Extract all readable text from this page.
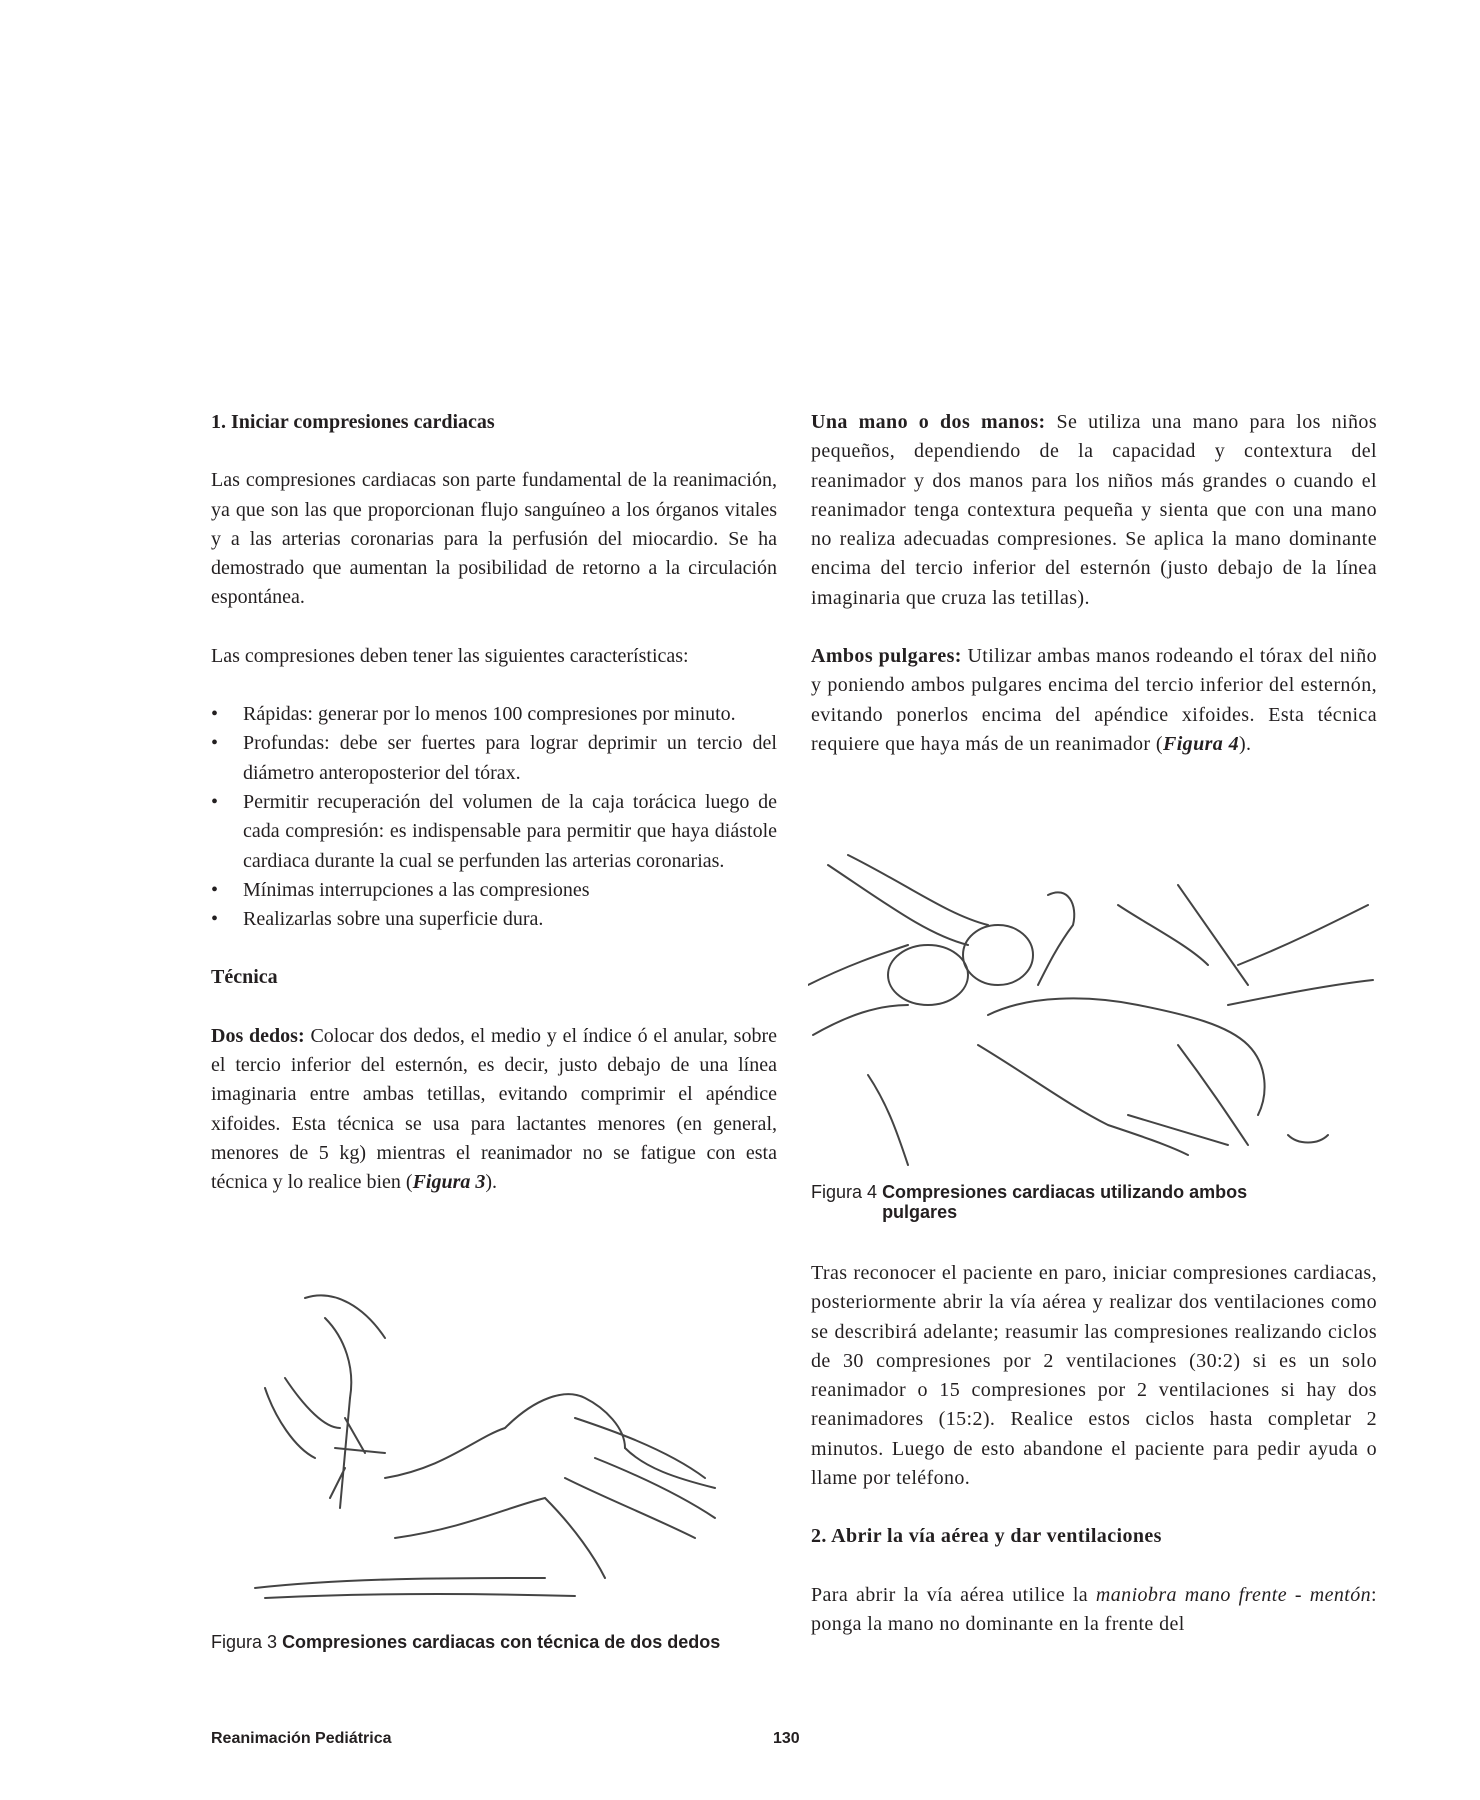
1. Iniciar compresiones cardiacas

Las compresiones cardiacas son parte fundamental de la reanimación, ya que son las que proporcionan flujo sanguíneo a los órganos vitales y a las arterias coronarias para la perfusión del miocardio. Se ha demostrado que aumentan la posibilidad de retorno a la circulación espontánea.

Las compresiones deben tener las siguientes características:

• Rápidas: generar por lo menos 100 compresiones por minuto.
• Profundas: debe ser fuertes para lograr deprimir un tercio del diámetro anteroposterior del tórax.
• Permitir recuperación del volumen de la caja torácica luego de cada compresión: es indispensable para permitir que haya diástole cardiaca durante la cual se perfunden las arterias coronarias.
• Mínimas interrupciones a las compresiones
• Realizarlas sobre una superficie dura.

Técnica

Dos dedos: Colocar dos dedos, el medio y el índice ó el anular, sobre el tercio inferior del esternón, es decir, justo debajo de una línea imaginaria entre ambas tetillas, evitando comprimir el apéndice xifoides. Esta técnica se usa para lactantes menores (en general, menores de 5 kg) mientras el reanimador no se fatigue con esta técnica y lo realice bien (Figura 3).

Figura 3 Compresiones cardiacas con técnica de dos dedos

Una mano o dos manos: Se utiliza una mano para los niños pequeños, dependiendo de la capacidad y contextura del reanimador y dos manos para los niños más grandes o cuando el reanimador tenga contextura pequeña y sienta que con una mano no realiza adecuadas compresiones. Se aplica la mano dominante encima del tercio inferior del esternón (justo debajo de la línea imaginaria que cruza las tetillas).

Ambos pulgares: Utilizar ambas manos rodeando el tórax del niño y poniendo ambos pulgares encima del tercio inferior del esternón, evitando ponerlos encima del apéndice xifoides. Esta técnica requiere que haya más de un reanimador (Figura 4).

Figura 4 Compresiones cardiacas utilizando ambos pulgares

Tras reconocer el paciente en paro, iniciar compresiones cardiacas, posteriormente abrir la vía aérea y realizar dos ventilaciones como se describirá adelante; reasumir las compresiones realizando ciclos de 30 compresiones por 2 ventilaciones (30:2) si es un solo reanimador o 15 compresiones por 2 ventilaciones si hay dos reanimadores (15:2). Realice estos ciclos hasta completar 2 minutos. Luego de esto abandone el paciente para pedir ayuda o llame por teléfono.

2. Abrir la vía aérea y dar ventilaciones

Para abrir la vía aérea utilice la maniobra mano frente - mentón: ponga la mano no dominante en la frente del

Reanimación Pediátrica	130
